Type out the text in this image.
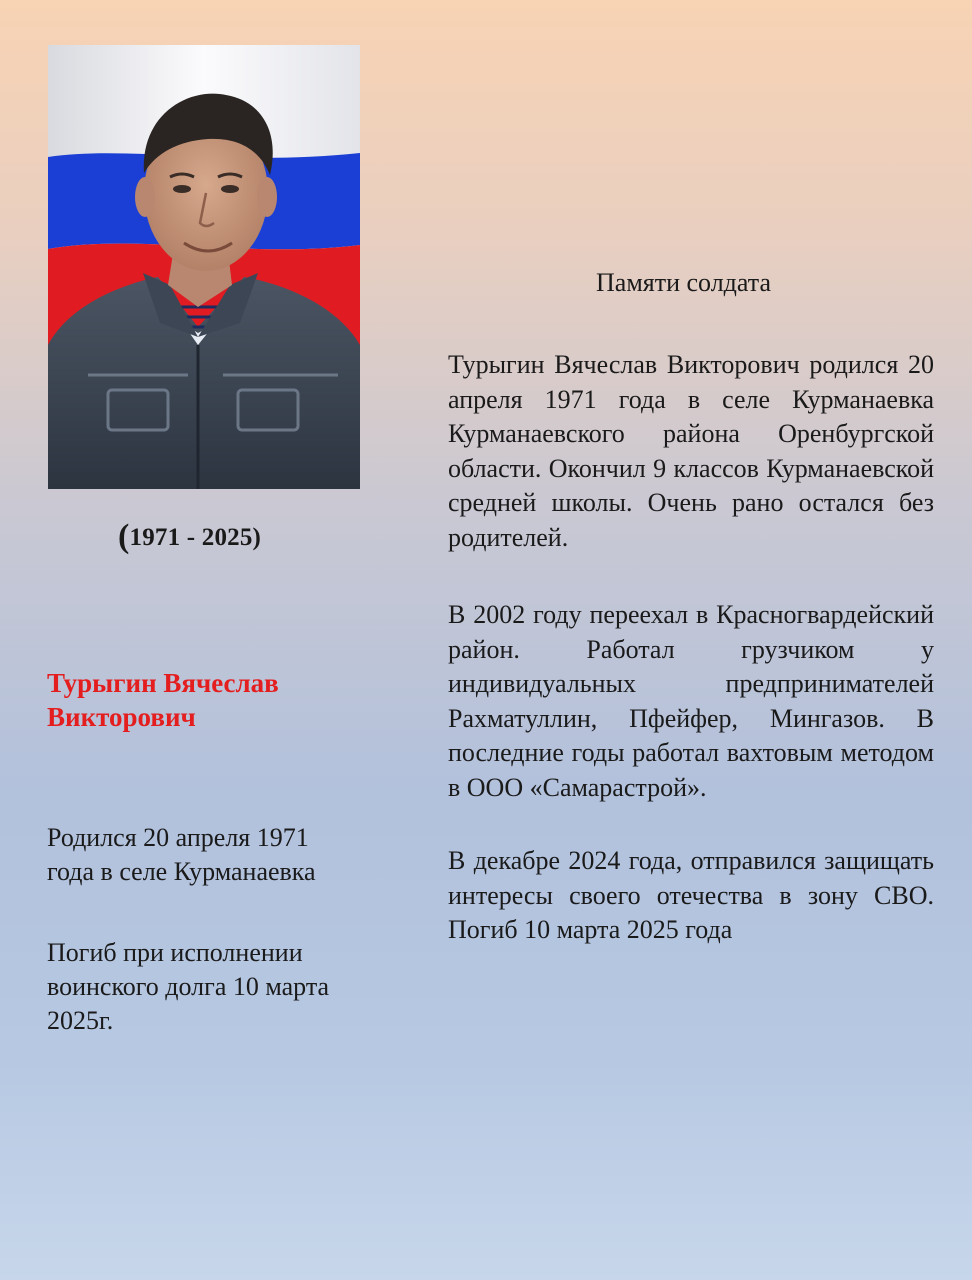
(1971 - 2025)
Турыгин Вячеслав Викторович
Родился 20 апреля 1971 года в селе Курманаевка
Погиб при исполнении воинского долга 10 марта 2025г.
Памяти солдата

Турыгин Вячеслав Викторович родился 20 апреля 1971 года в селе Курманаевка Курманаевского района Оренбургской области. Окончил 9 классов Курманаевской средней школы. Очень рано остался без родителей.

В 2002 году переехал в Красногвардейский район. Работал грузчиком у индивидуальных предпринимателей Рахматуллин, Пфейфер, Мингазов. В последние годы работал вахтовым методом в ООО «Самарастрой».

В декабре 2024 года, отправился защищать интересы своего отечества в зону СВО. Погиб 10 марта 2025 года
